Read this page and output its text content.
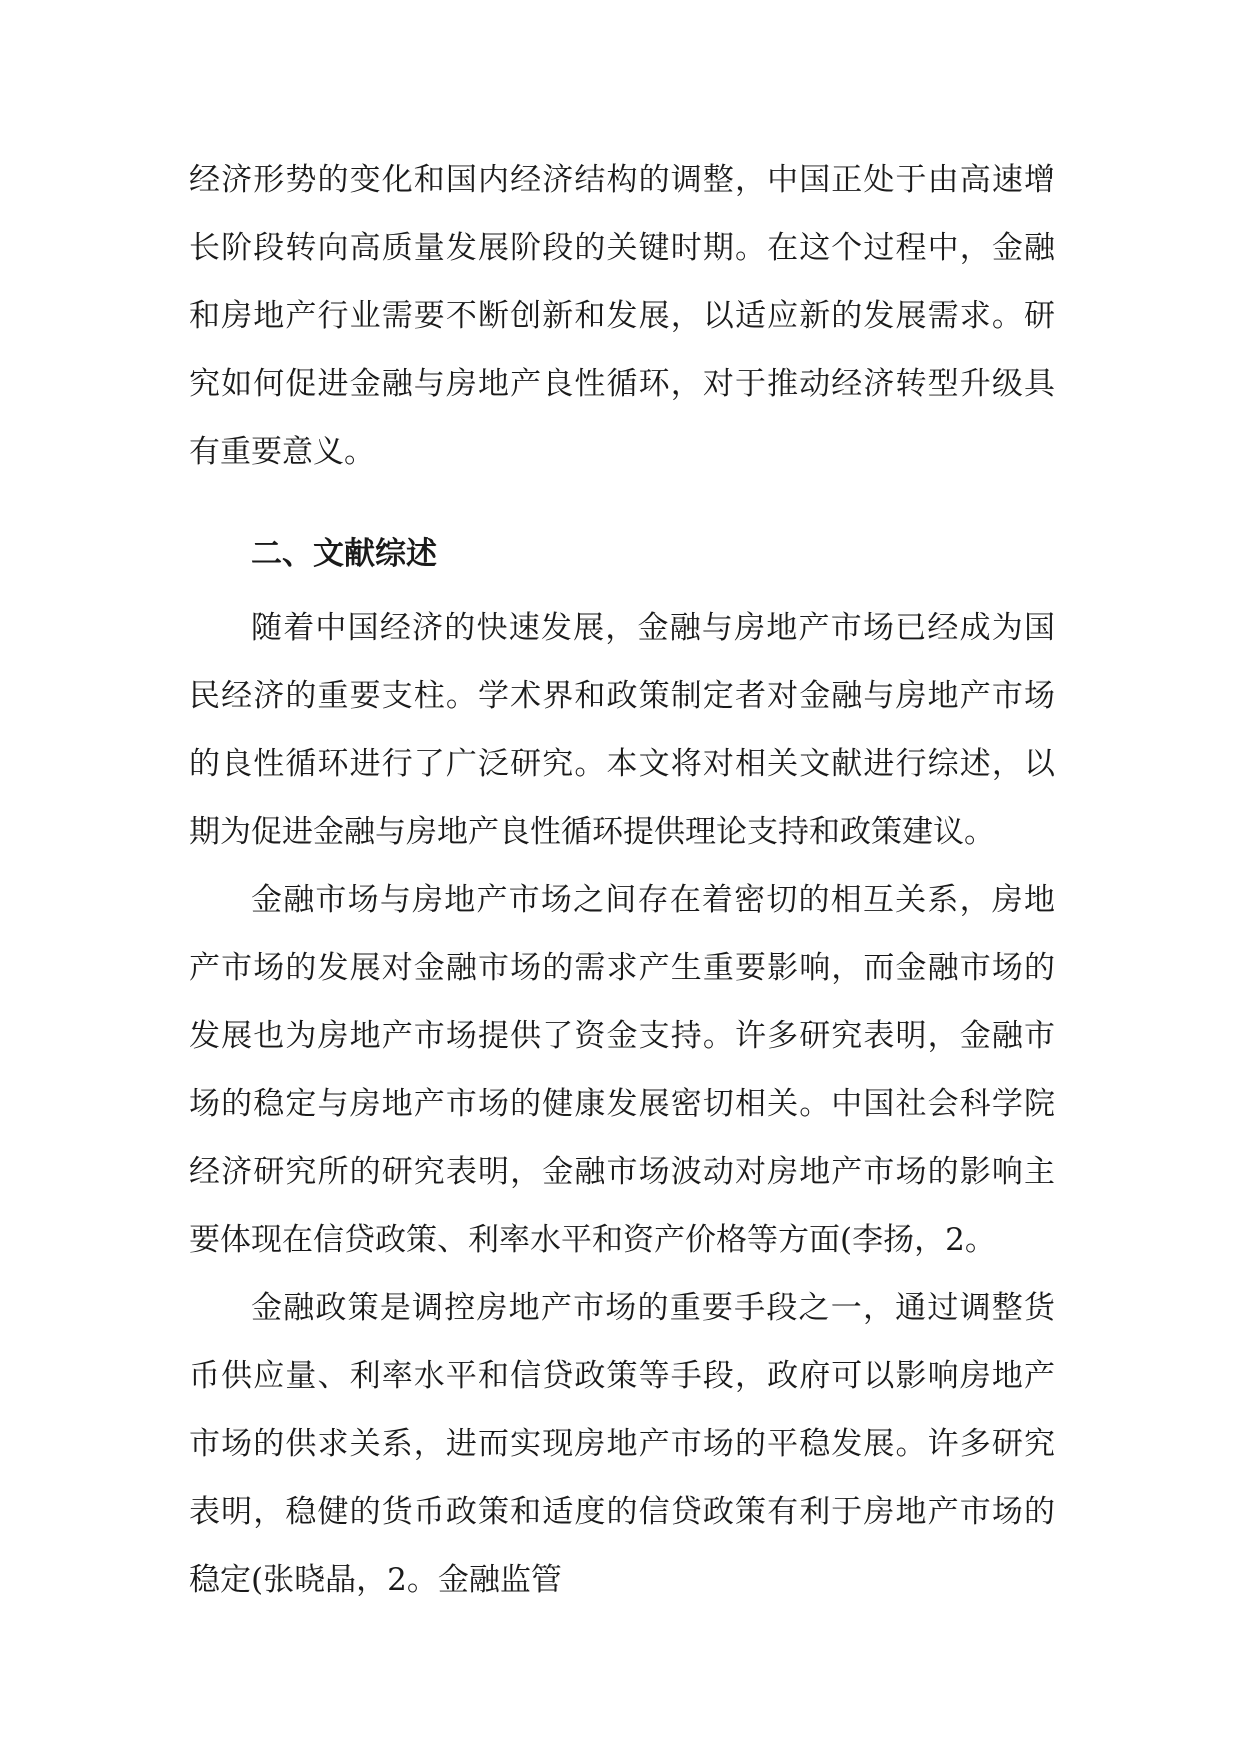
经济形势的变化和国内经济结构的调整，中国正处于由高速增长阶段转向高质量发展阶段的关键时期。在这个过程中，金融和房地产行业需要不断创新和发展，以适应新的发展需求。研究如何促进金融与房地产良性循环，对于推动经济转型升级具有重要意义。

二、文献综述

随着中国经济的快速发展，金融与房地产市场已经成为国民经济的重要支柱。学术界和政策制定者对金融与房地产市场的良性循环进行了广泛研究。本文将对相关文献进行综述，以期为促进金融与房地产良性循环提供理论支持和政策建议。

金融市场与房地产市场之间存在着密切的相互关系，房地产市场的发展对金融市场的需求产生重要影响，而金融市场的发展也为房地产市场提供了资金支持。许多研究表明，金融市场的稳定与房地产市场的健康发展密切相关。中国社会科学院经济研究所的研究表明，金融市场波动对房地产市场的影响主要体现在信贷政策、利率水平和资产价格等方面(李扬，2。

金融政策是调控房地产市场的重要手段之一，通过调整货币供应量、利率水平和信贷政策等手段，政府可以影响房地产市场的供求关系，进而实现房地产市场的平稳发展。许多研究表明，稳健的货币政策和适度的信贷政策有利于房地产市场的稳定(张晓晶，2。金融监管
